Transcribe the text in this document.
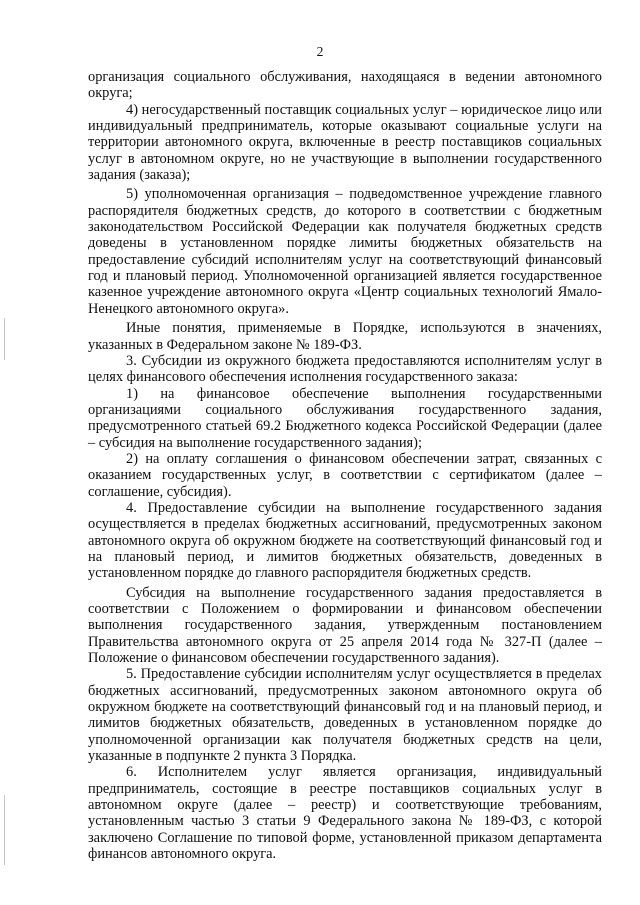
2

организация социального обслуживания, находящаяся в ведении автономного округа;

4) негосударственный поставщик социальных услуг – юридическое лицо или индивидуальный предприниматель, которые оказывают социальные услуги на территории автономного округа, включенные в реестр поставщиков социальных услуг в автономном округе, но не участвующие в выполнении государственного задания (заказа);

5) уполномоченная организация – подведомственное учреждение главного распорядителя бюджетных средств, до которого в соответствии с бюджетным законодательством Российской Федерации как получателя бюджетных средств доведены в установленном порядке лимиты бюджетных обязательств на предоставление субсидий исполнителям услуг на соответствующий финансовый год и плановый период. Уполномоченной организацией является государственное казенное учреждение автономного округа «Центр социальных технологий Ямало-Ненецкого автономного округа».

Иные понятия, применяемые в Порядке, используются в значениях, указанных в Федеральном законе № 189-ФЗ.

3. Субсидии из окружного бюджета предоставляются исполнителям услуг в целях финансового обеспечения исполнения государственного заказа:

1) на финансовое обеспечение выполнения государственными организациями социального обслуживания государственного задания, предусмотренного статьей 69.2 Бюджетного кодекса Российской Федерации (далее – субсидия на выполнение государственного задания);

2) на оплату соглашения о финансовом обеспечении затрат, связанных с оказанием государственных услуг, в соответствии с сертификатом (далее – соглашение, субсидия).

4. Предоставление субсидии на выполнение государственного задания осуществляется в пределах бюджетных ассигнований, предусмотренных законом автономного округа об окружном бюджете на соответствующий финансовый год и на плановый период, и лимитов бюджетных обязательств, доведенных в установленном порядке до главного распорядителя бюджетных средств.

Субсидия на выполнение государственного задания предоставляется в соответствии с Положением о формировании и финансовом обеспечении выполнения государственного задания, утвержденным постановлением Правительства автономного округа от 25 апреля 2014 года № 327-П (далее – Положение о финансовом обеспечении государственного задания).

5. Предоставление субсидии исполнителям услуг осуществляется в пределах бюджетных ассигнований, предусмотренных законом автономного округа об окружном бюджете на соответствующий финансовый год и на плановый период, и лимитов бюджетных обязательств, доведенных в установленном порядке до уполномоченной организации как получателя бюджетных средств на цели, указанные в подпункте 2 пункта 3 Порядка.

6. Исполнителем услуг является организация, индивидуальный предприниматель, состоящие в реестре поставщиков социальных услуг в автономном округе (далее – реестр) и соответствующие требованиям, установленным частью 3 статьи 9 Федерального закона № 189-ФЗ, с которой заключено Соглашение по типовой форме, установленной приказом департамента финансов автономного округа.
